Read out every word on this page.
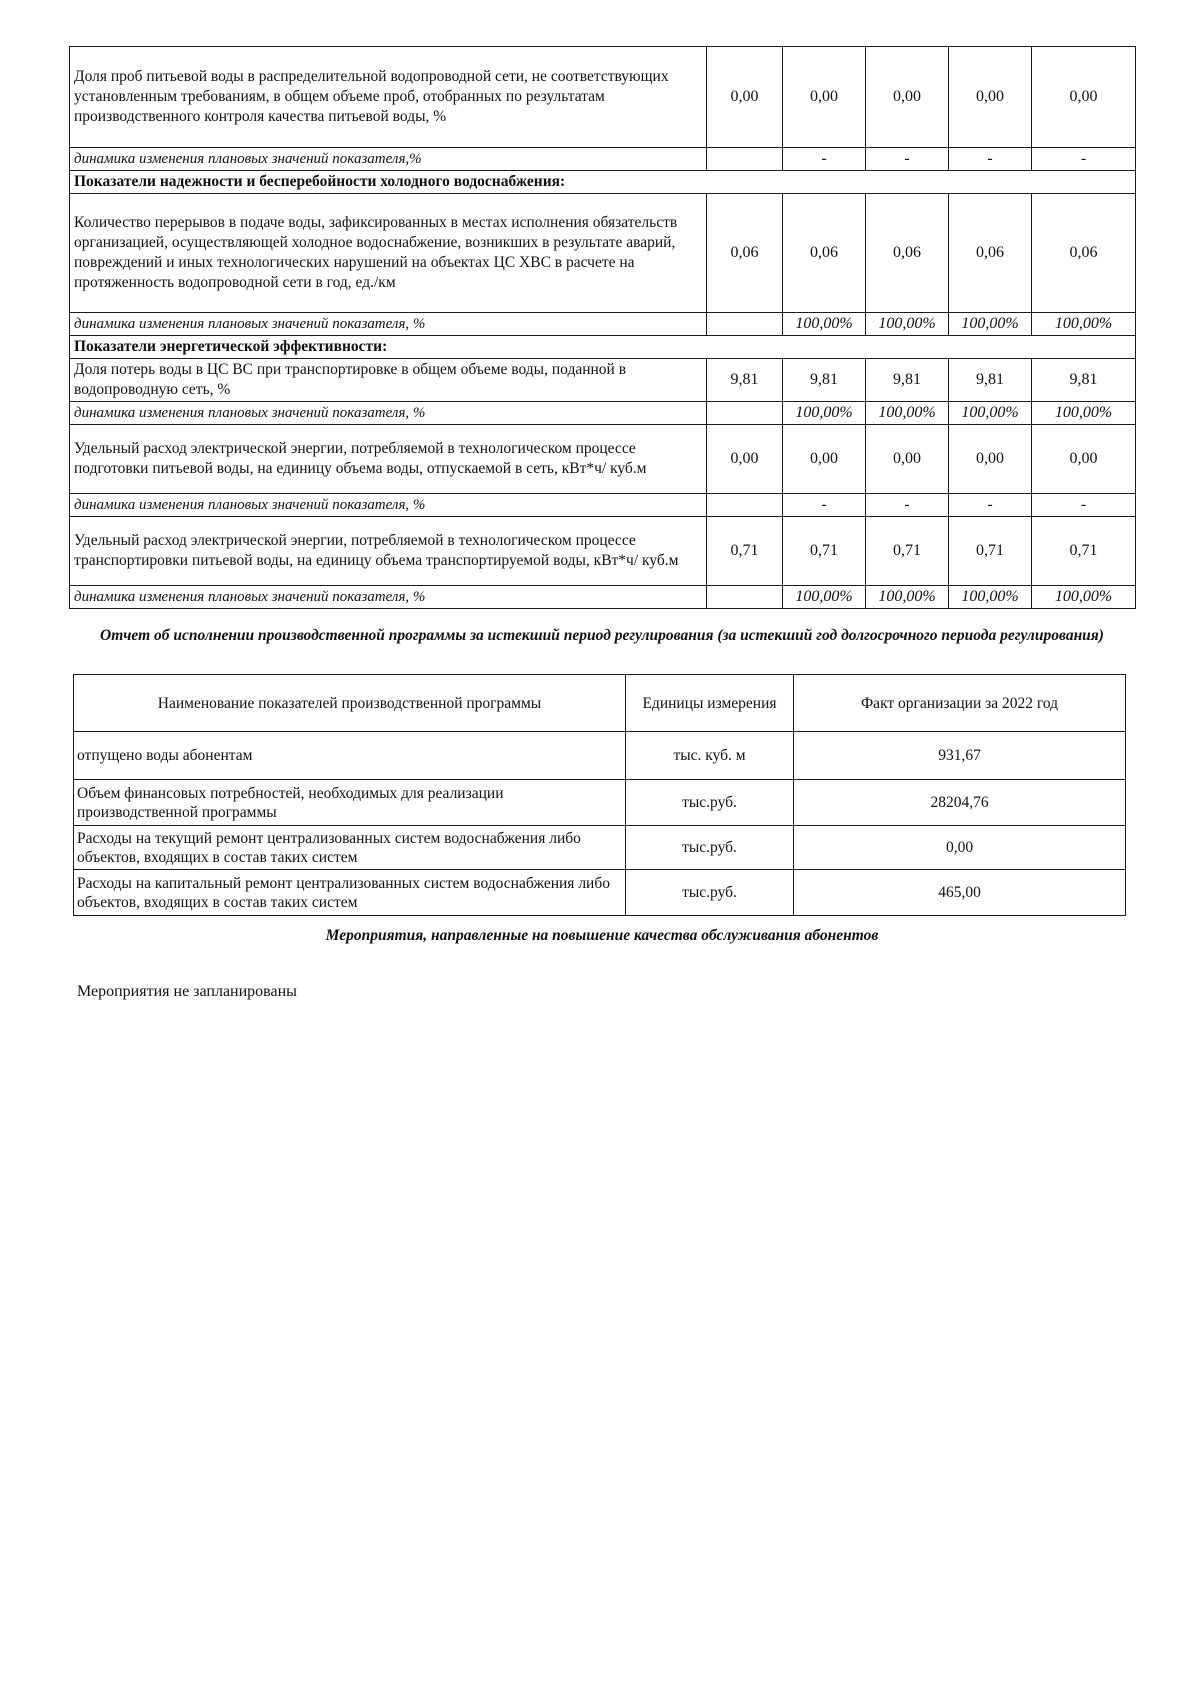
Доля проб питьевой воды в распределительной водопроводной сети, не соответствующих установленным требованиям, в общем объеме проб, отобранных по результатам производственного контроля качества питьевой воды, %	0,00	0,00	0,00	0,00	0,00
динамика изменения плановых значений показателя,%		-	-	-	-
Показатели надежности и бесперебойности холодного водоснабжения:					
Количество перерывов в подаче воды, зафиксированных в местах исполнения обязательств организацией, осуществляющей холодное водоснабжение, возникших в результате аварий, повреждений и иных технологических нарушений на объектах ЦС ХВС в расчете на протяженность водопроводной сети в год, ед./км	0,06	0,06	0,06	0,06	0,06
динамика изменения плановых значений показателя, %		100,00%	100,00%	100,00%	100,00%
Показатели энергетической эффективности:					
Доля потерь воды в ЦС ВС при транспортировке в общем объеме воды, поданной в водопроводную сеть, %	9,81	9,81	9,81	9,81	9,81
динамика изменения плановых значений показателя, %		100,00%	100,00%	100,00%	100,00%
Удельный расход электрической энергии, потребляемой в технологическом процессе подготовки питьевой воды, на единицу объема воды, отпускаемой в сеть, кВт*ч/ куб.м	0,00	0,00	0,00	0,00	0,00
динамика изменения плановых значений показателя, %		-	-	-	-
Удельный расход электрической энергии, потребляемой в технологическом процессе транспортировки питьевой воды, на единицу объема транспортируемой воды, кВт*ч/ куб.м	0,71	0,71	0,71	0,71	0,71
динамика изменения плановых значений показателя, %		100,00%	100,00%	100,00%	100,00%
Отчет об исполнении производственной программы за истекший период регулирования (за истекший год долгосрочного периода регулирования)
Наименование показателей производственной программы	Единицы измерения	Факт организации за 2022 год
отпущено воды абонентам	тыс. куб. м	931,67
Объем финансовых потребностей, необходимых для реализации производственной программы	тыс.руб.	28204,76
Расходы на текущий ремонт централизованных систем водоснабжения либо объектов, входящих в состав таких систем	тыс.руб.	0,00
Расходы на капитальный ремонт централизованных систем водоснабжения либо объектов, входящих в состав таких систем	тыс.руб.	465,00
Мероприятия, направленные на повышение качества обслуживания абонентов
Мероприятия не запланированы
